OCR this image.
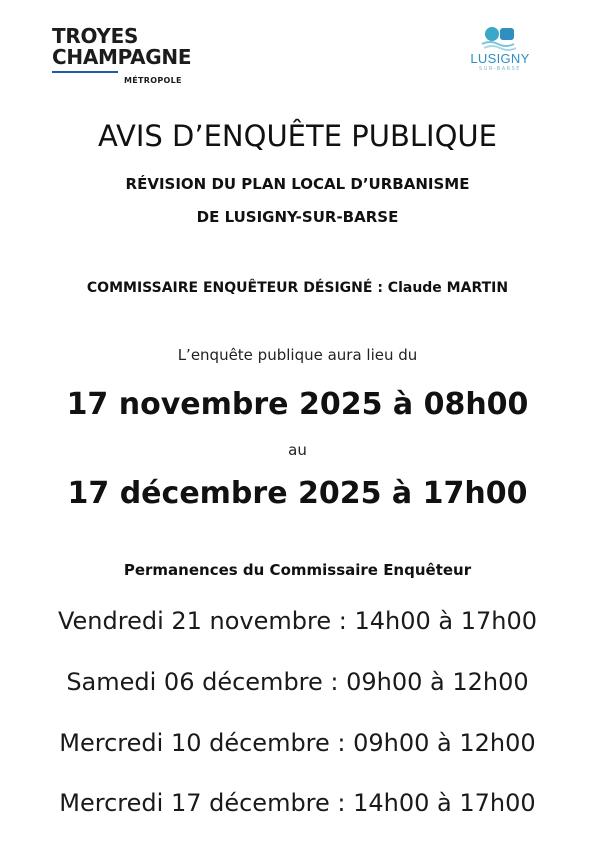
TROYES
CHAMPAGNE
MÉTROPOLE
LUSIGNY
SUR-BARSE
AVIS D’ENQUÊTE PUBLIQUE
RÉVISION DU PLAN LOCAL D’URBANISME
DE LUSIGNY-SUR-BARSE
COMMISSAIRE ENQUÊTEUR DÉSIGNÉ : Claude MARTIN
L’enquête publique aura lieu du
17 novembre 2025 à 08h00
au
17 décembre 2025 à 17h00
Permanences du Commissaire Enquêteur
Vendredi 21 novembre : 14h00 à 17h00
Samedi 06 décembre : 09h00 à 12h00
Mercredi 10 décembre : 09h00 à 12h00
Mercredi 17 décembre : 14h00 à 17h00
